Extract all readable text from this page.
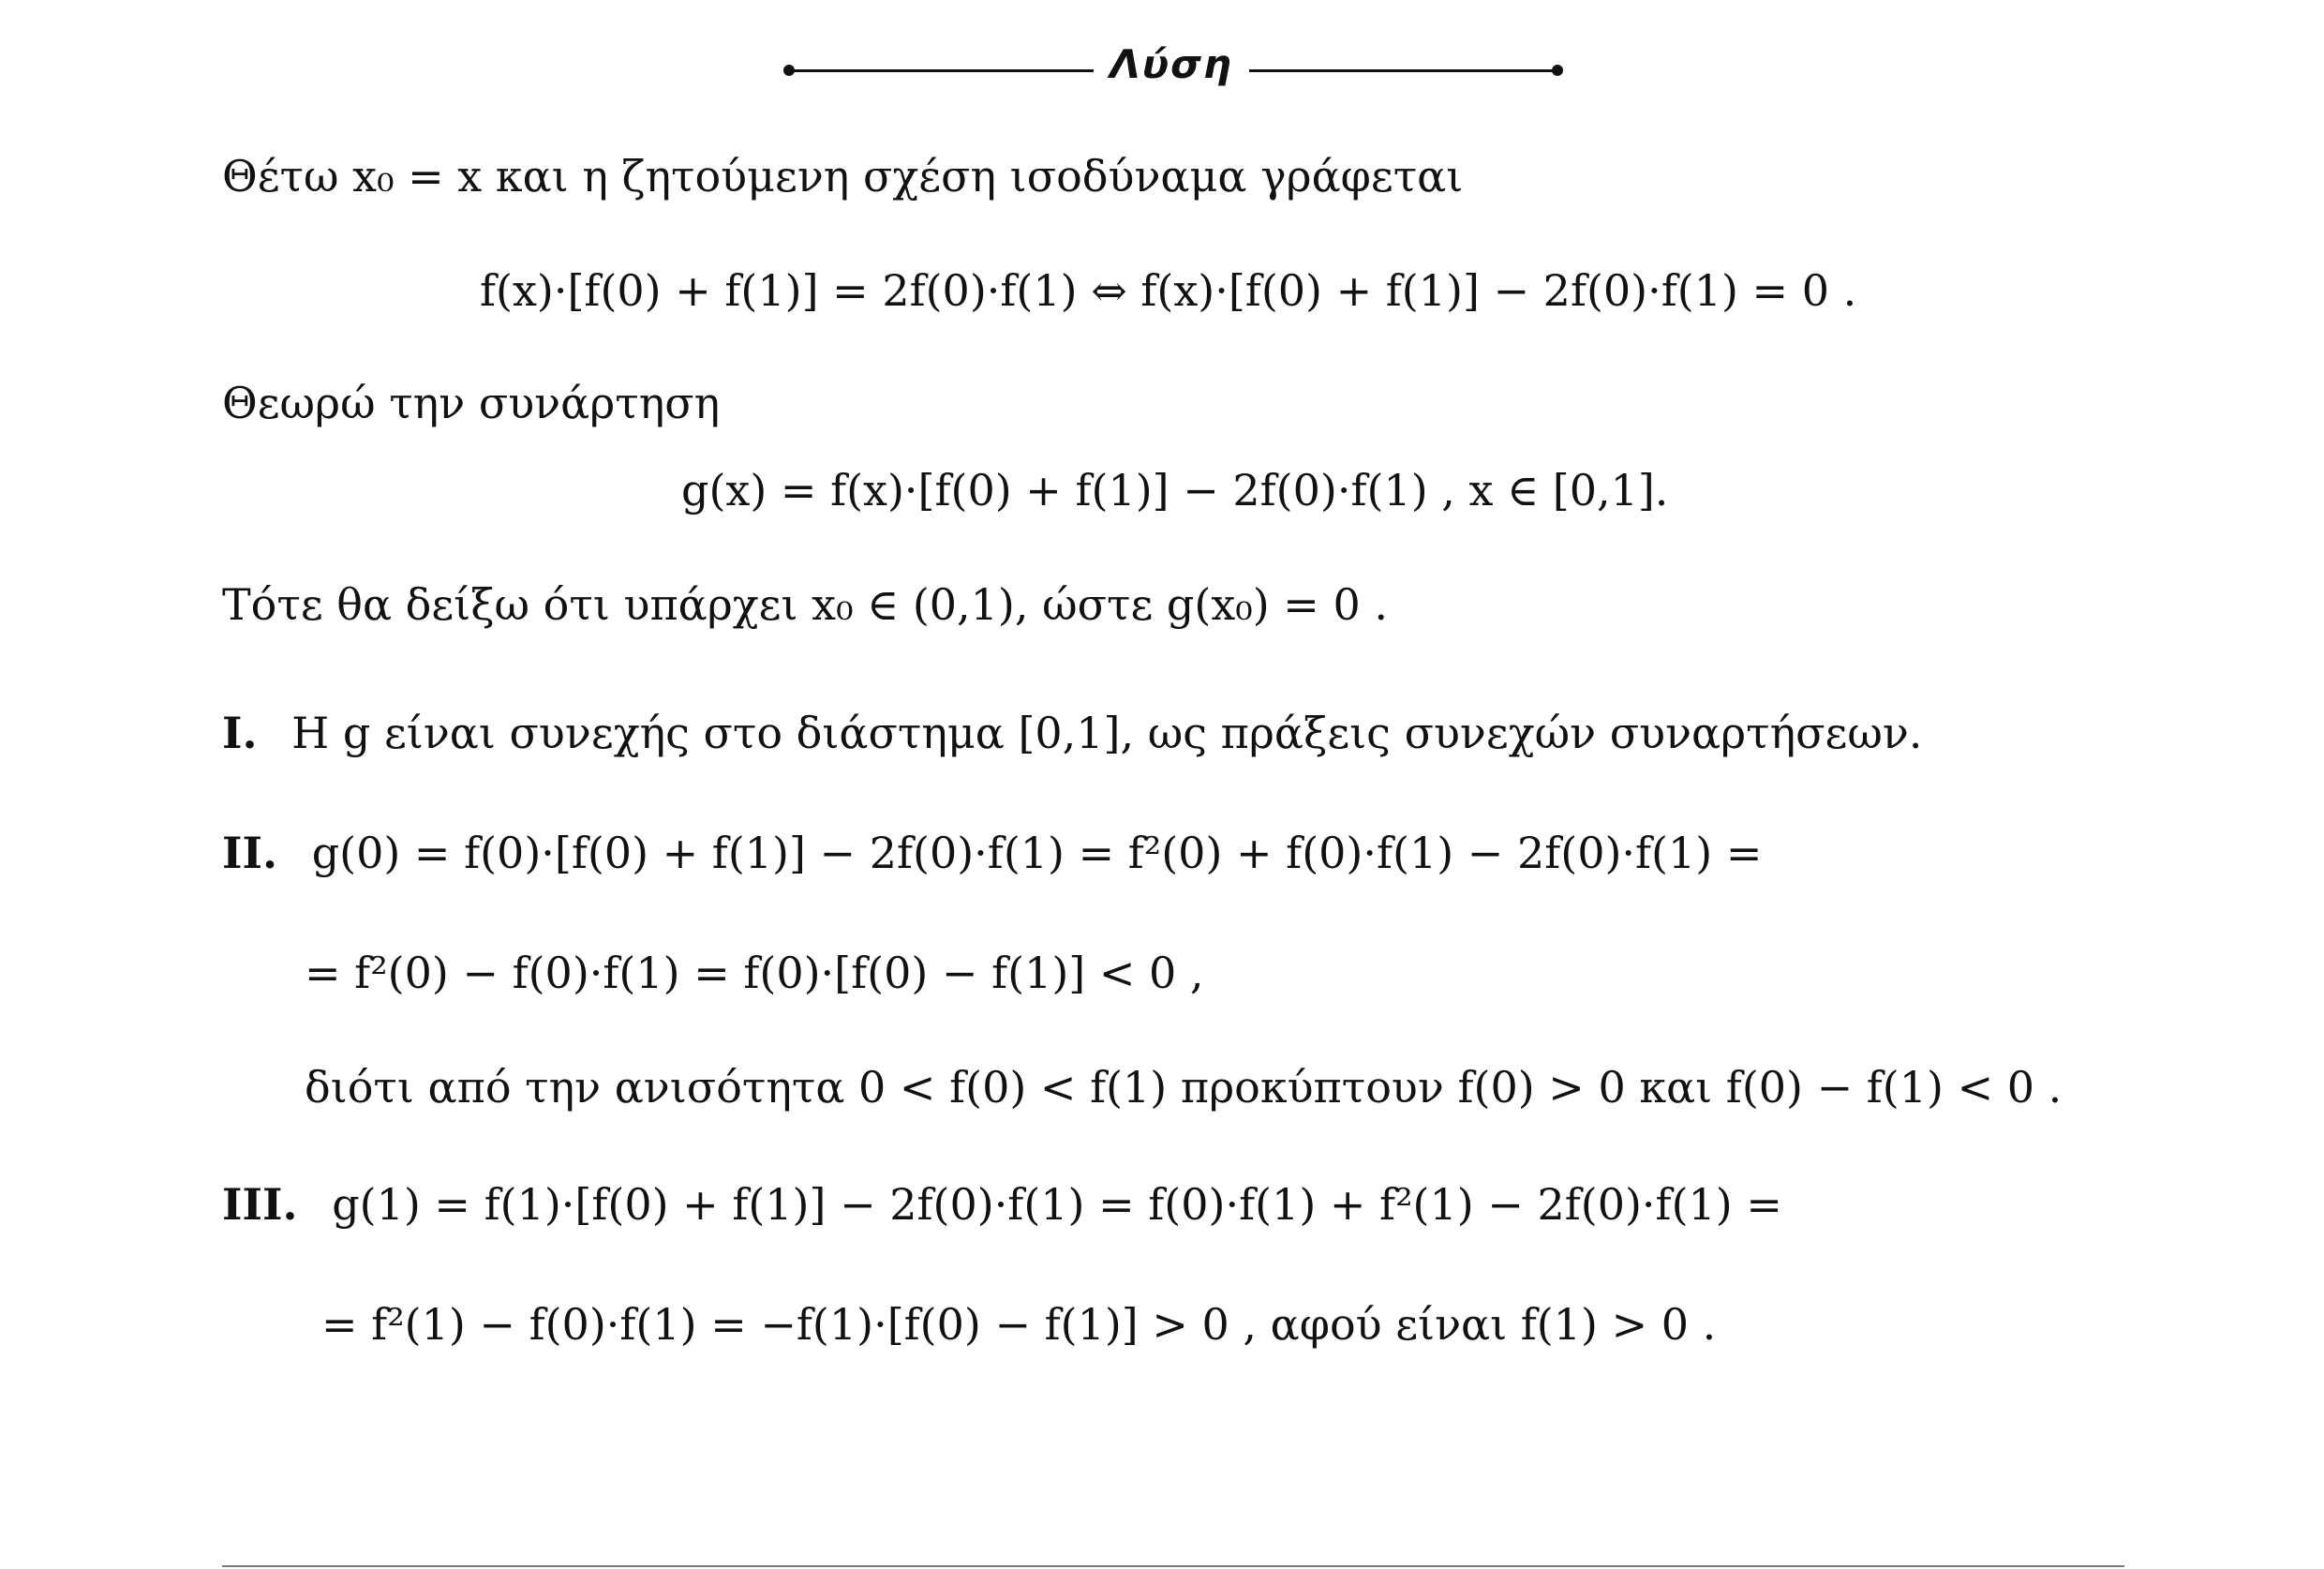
Λύση
Θέτω x₀ = x και η ζητούμενη σχέση ισοδύναμα γράφεται
f(x)·[f(0) + f(1)] = 2f(0)·f(1) ⇔ f(x)·[f(0) + f(1)] − 2f(0)·f(1) = 0 .
Θεωρώ την συνάρτηση
g(x) = f(x)·[f(0) + f(1)] − 2f(0)·f(1) , x ∈ [0,1].
Τότε θα δείξω ότι υπάρχει x₀ ∈ (0,1), ώστε g(x₀) = 0 .
I. Η g είναι συνεχής στο διάστημα [0,1], ως πράξεις συνεχών συναρτήσεων.
II. g(0) = f(0)·[f(0) + f(1)] − 2f(0)·f(1) = f²(0) + f(0)·f(1) − 2f(0)·f(1) =
= f²(0) − f(0)·f(1) = f(0)·[f(0) − f(1)] < 0 ,
διότι από την ανισότητα 0 < f(0) < f(1) προκύπτουν f(0) > 0 και f(0) − f(1) < 0 .
III. g(1) = f(1)·[f(0) + f(1)] − 2f(0)·f(1) = f(0)·f(1) + f²(1) − 2f(0)·f(1) =
= f²(1) − f(0)·f(1) = −f(1)·[f(0) − f(1)] > 0 , αφού είναι f(1) > 0 .
